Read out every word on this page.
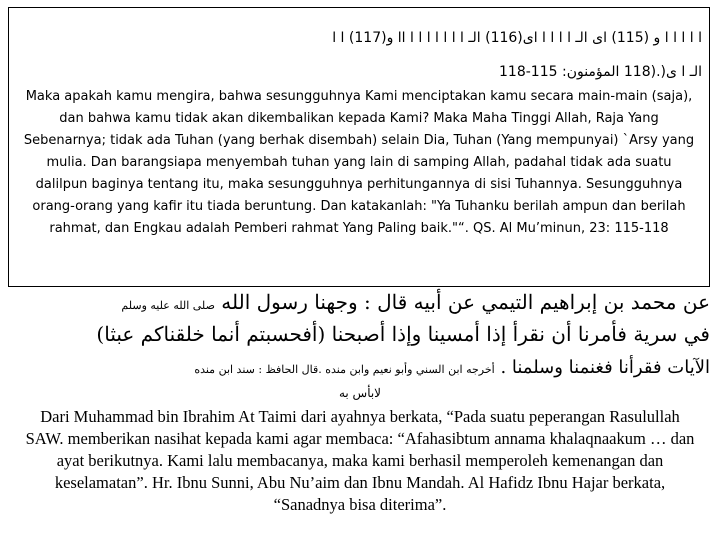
ا ا ا ا ا و (115) ای الـ ا ا ا ا ای(116) الـ ا ا ا ا ا ا ا اا و(117) ا ا
الـ ا ی(.(118 المؤمنون: 115-118
Maka apakah kamu mengira, bahwa sesungguhnya Kami menciptakan kamu secara main-main (saja), dan bahwa kamu tidak akan dikembalikan kepada Kami? Maka Maha Tinggi Allah, Raja Yang Sebenarnya; tidak ada Tuhan (yang berhak disembah) selain Dia, Tuhan (Yang mempunyai) `Arsy yang mulia. Dan barangsiapa menyembah tuhan yang lain di samping Allah, padahal tidak ada suatu dalilpun baginya tentang itu, maka sesungguhnya perhitungannya di sisi Tuhannya. Sesungguhnya orang-orang yang kafir itu tiada beruntung. Dan katakanlah: "Ya Tuhanku berilah ampun dan berilah rahmat, dan Engkau adalah Pemberi rahmat Yang Paling baik."“. QS. Al Mu’minun, 23: 115-118
عن محمد بن إبراهيم التيمي عن أبيه قال : وجهنا رسول الله صلى الله عليه وسلم
في سرية فأمرنا أن نقرأ إذا أمسينا وإذا أصبحنا (أفحسبتم أنما خلقناكم عبثا)
الآيات فقرأنا فغنمنا وسلمنا . أخرجه ابن السني وأبو نعيم وابن منده .قال الحافظ : سند ابن منده
لابأس به
Dari Muhammad bin Ibrahim At Taimi dari ayahnya berkata, “Pada suatu peperangan Rasulullah SAW. memberikan nasihat kepada kami agar membaca: “Afahasibtum annama khalaqnaakum … dan ayat berikutnya. Kami lalu membacanya, maka kami berhasil memperoleh kemenangan dan keselamatan”. Hr. Ibnu Sunni, Abu Nu’aim dan Ibnu Mandah. Al Hafidz Ibnu Hajar berkata, “Sanadnya bisa diterima”.
